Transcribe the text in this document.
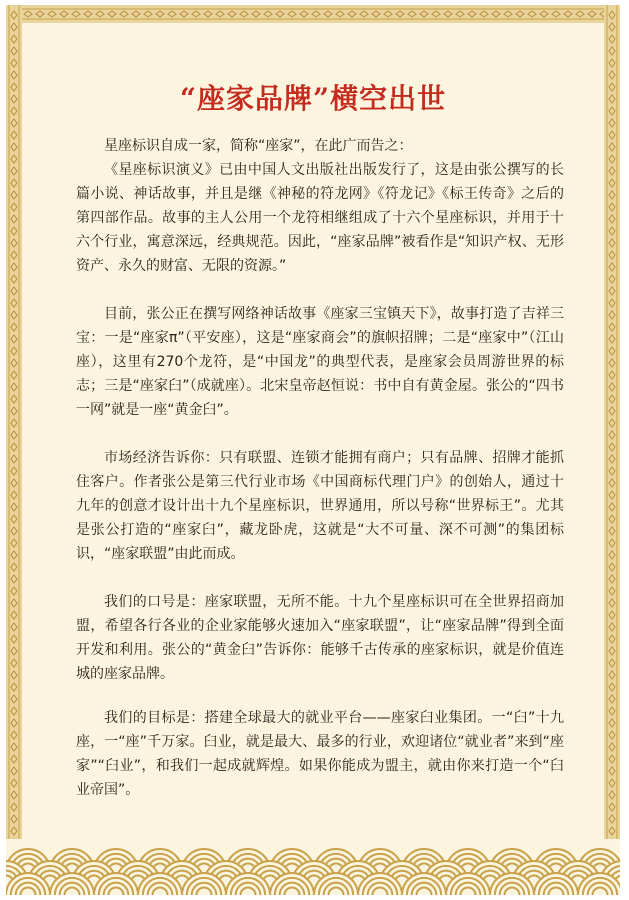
“座家品牌”横空出世

星座标识自成一家，简称“座家”，在此广而告之：

《星座标识演义》已由中国人文出版社出版发行了，这是由张公撰写的长篇小说、神话故事，并且是继《神秘的符龙网》《符龙记》《标王传奇》之后的第四部作品。故事的主人公用一个龙符相继组成了十六个星座标识，并用于十六个行业，寓意深远，经典规范。因此，“座家品牌”被看作是“知识产权、无形资产、永久的财富、无限的资源。”

目前，张公正在撰写网络神话故事《座家三宝镇天下》，故事打造了吉祥三宝：一是“座家π”（平安座），这是“座家商会”的旗帜招牌；二是“座家中”（江山座），这里有270个龙符，是“中国龙”的典型代表，是座家会员周游世界的标志；三是“座家臼”（成就座）。北宋皇帝赵恒说：书中自有黄金屋。张公的“四书一网”就是一座“黄金臼”。

市场经济告诉你：只有联盟、连锁才能拥有商户；只有品牌、招牌才能抓住客户。作者张公是第三代行业市场《中国商标代理门户》的创始人，通过十九年的创意才设计出十九个星座标识，世界通用，所以号称“世界标王”。尤其是张公打造的“座家臼”，藏龙卧虎，这就是“大不可量、深不可测”的集团标识，“座家联盟”由此而成。

我们的口号是：座家联盟，无所不能。十九个星座标识可在全世界招商加盟，希望各行各业的企业家能够火速加入“座家联盟”，让“座家品牌”得到全面开发和利用。张公的“黄金臼”告诉你：能够千古传承的座家标识，就是价值连城的座家品牌。

我们的目标是：搭建全球最大的就业平台——座家臼业集团。一“臼”十九座，一“座”千万家。臼业，就是最大、最多的行业，欢迎诸位“就业者”来到“座家”“臼业”，和我们一起成就辉煌。如果你能成为盟主，就由你来打造一个“臼业帝国”。
